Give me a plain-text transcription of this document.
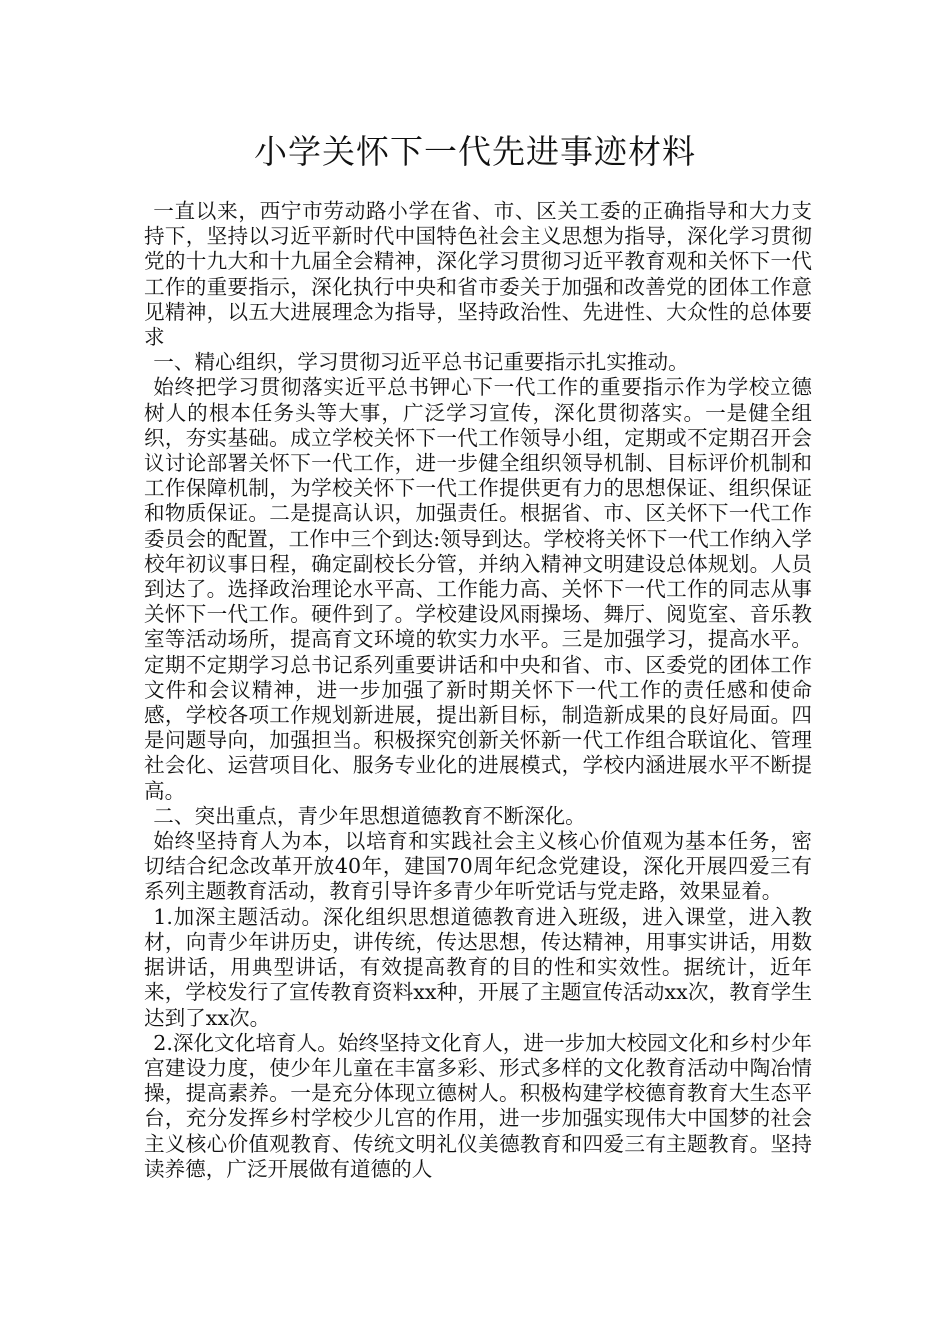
小学关怀下一代先进事迹材料

一直以来，西宁市劳动路小学在省、市、区关工委的正确指导和大力支持下，坚持以习近平新时代中国特色社会主义思想为指导，深化学习贯彻党的十九大和十九届全会精神，深化学习贯彻习近平教育观和关怀下一代工作的重要指示，深化执行中央和省市委关于加强和改善党的团体工作意见精神，以五大进展理念为指导，坚持政治性、先进性、大众性的总体要求

一、精心组织，学习贯彻习近平总书记重要指示扎实推动。

始终把学习贯彻落实近平总书钾心下一代工作的重要指示作为学校立德树人的根本任务头等大事，广泛学习宣传，深化贯彻落实。一是健全组织，夯实基础。成立学校关怀下一代工作领导小组，定期或不定期召开会议讨论部署关怀下一代工作，进一步健全组织领导机制、目标评价机制和工作保障机制，为学校关怀下一代工作提供更有力的思想保证、组织保证和物质保证。二是提高认识，加强责任。根据省、市、区关怀下一代工作委员会的配置，工作中三个到达:领导到达。学校将关怀下一代工作纳入学校年初议事日程，确定副校长分管，并纳入精神文明建设总体规划。人员到达了。选择政治理论水平高、工作能力高、关怀下一代工作的同志从事关怀下一代工作。硬件到了。学校建设风雨操场、舞厅、阅览室、音乐教室等活动场所，提高育文环境的软实力水平。三是加强学习，提高水平。定期不定期学习总书记系列重要讲话和中央和省、市、区委党的团体工作文件和会议精神，进一步加强了新时期关怀下一代工作的责任感和使命感，学校各项工作规划新进展，提出新目标，制造新成果的良好局面。四是问题导向，加强担当。积极探究创新关怀新一代工作组合联谊化、管理社会化、运营项目化、服务专业化的进展模式，学校内涵进展水平不断提高。

二、突出重点，青少年思想道德教育不断深化。

始终坚持育人为本，以培育和实践社会主义核心价值观为基本任务，密切结合纪念改革开放40年，建国70周年纪念党建设，深化开展四爱三有系列主题教育活动，教育引导许多青少年听党话与党走路，效果显着。

1.加深主题活动。深化组织思想道德教育进入班级，进入课堂，进入教材，向青少年讲历史，讲传统，传达思想，传达精神，用事实讲话，用数据讲话，用典型讲话，有效提高教育的目的性和实效性。据统计，近年来，学校发行了宣传教育资料xx种，开展了主题宣传活动xx次，教育学生达到了xx次。

2.深化文化培育人。始终坚持文化育人，进一步加大校园文化和乡村少年宫建设力度，使少年儿童在丰富多彩、形式多样的文化教育活动中陶冶情操，提高素养。一是充分体现立德树人。积极构建学校德育教育大生态平台，充分发挥乡村学校少儿宫的作用，进一步加强实现伟大中国梦的社会主义核心价值观教育、传统文明礼仪美德教育和四爱三有主题教育。坚持读养德，广泛开展做有道德的人
